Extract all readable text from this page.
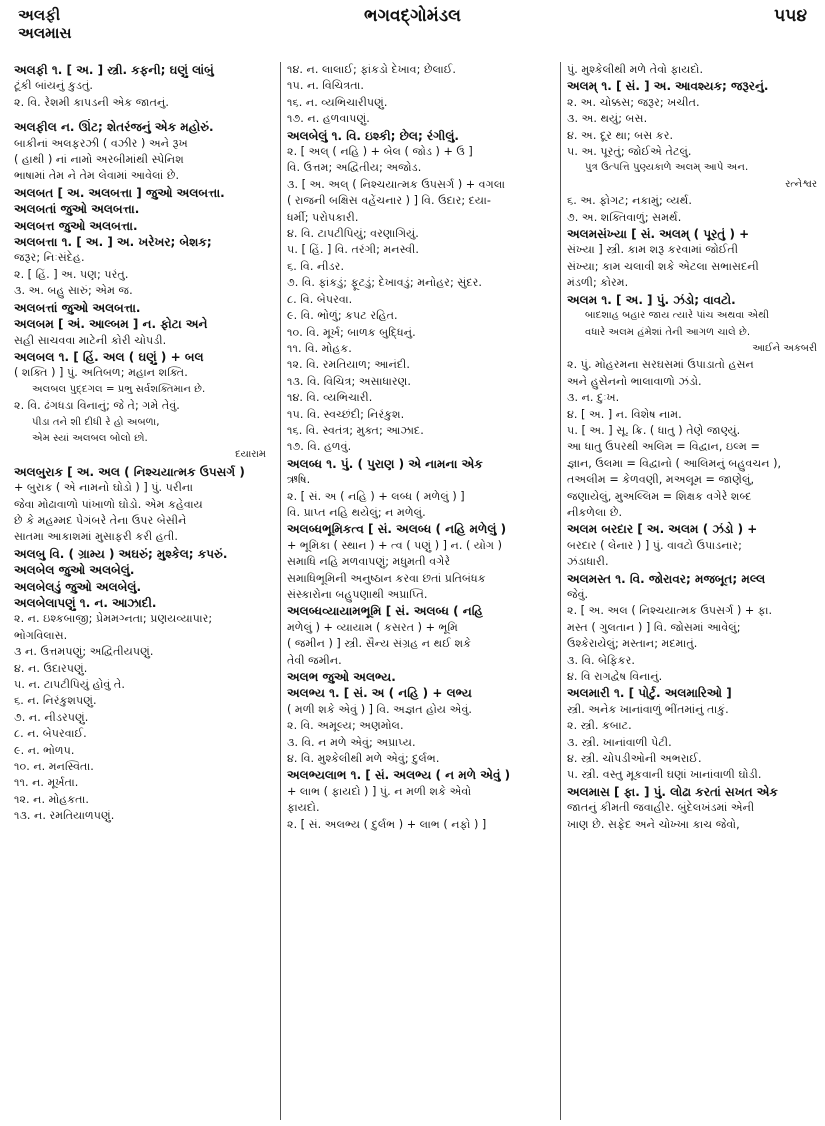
અલફી
અલમાસ
ભગવદ્ગોમંડલ	૫૫૪
અલફી ૧. [ અ. ] સ્ત્રી. કફની; ઘણું લાંબું
ટૂંકી બાંયનું કુડતું.
૨. વિ. રેશમી કાપડની એક જાતનું.
અલફીલ ન. ઊંટ; શેતરંજનું એક મહોરું.
બાકીનાં અલફરઝી ( વઝીર ) અને રૂખ
( હાથી ) નાં નામો અરબીમાંથી સ્પેનિશ
ભાષામાં તેમ ને તેમ લેવામાં આવેલાં છે.
અલબત [ અ. અલબત્તા ] જુઓ અલબત્તા.
અલબતાં જુઓ અલબત્તા.
અલબત્ત જુઓ અલબત્તા.
અલબત્તા ૧. [ અ. ] અ. ખરેખર; બેશક;
જરૂર; નિઃસંદેહ.
૨. [ હિં. ] અ. પણ; પરંતુ.
૩. અ. બહુ સારું; એમ જ.
અલબત્તાં જુઓ અલબત્તા.
અલબમ [ અં. આલ્બમ ] ન. ફોટા અને
સહી સાચવવા માટેની કોરી ચોપડી.
અલબલ ૧. [ હિં. અલ ( ઘણું ) + બલ
( શક્તિ ) ] પું. અતિબળ; મહાન શક્તિ.
અલબલ પુદ્દગલ = પ્રભુ સર્વશક્તિમાન છે.
૨. વિ. ઢંગધડા વિનાનું; જે તે; ગમે તેવું.
પીડા તને શી દીધી રે હો અબળા,
એમ સ્યાં અલબલ બોલો છો.
દયારામ
અલબુરાક [ અ. અલ ( નિશ્ચયાત્મક ઉપસર્ગ )
+ બુરાક ( એ નામનો ઘોડો ) ] પું. પરીના
જેવા મોઢાવાળો પાંખાળો ઘોડો. એમ કહેવાય
છે કે મહમ્મદ પેગંબરે તેના ઉપર બેસીને
સાતમા આકાશમાં મુસાફરી કરી હતી.
અલબુ વિ. ( ગ્રામ્ય ) અઘરું; મુશ્કેલ; કપરું.
અલબેલ જુઓ અલબેલું.
અલબેલડું જુઓ અલબેલું.
અલબેલાપણું ૧. ન. આઝાદી.
૨. ન. ઇશ્કબાજી; પ્રેમમગ્નતા; પ્રણયવ્યાપાર;
ભોગવિલાસ.
૩ ન. ઉત્તમપણું; અદ્વિતીયપણું.
૪. ન. ઉદારપણું.
૫. ન. ટાપટીપિયું હોવું તે.
૬. ન. નિરંકુશપણું.
૭. ન. નીડરપણું.
૮. ન. બેપરવાઈ.
૯. ન. ભોળપ.
૧૦. ન. મનસ્વિતા.
૧૧. ન. મૂર્ખતા.
૧૨. ન. મોહકતા.
૧૩. ન. રમતિયાળપણું.
૧૪. ન. લાલાઈ; ફાંકડો દેખાવ; છેલાઈ.
૧૫. ન. વિચિત્રતા.
૧૬. ન. વ્યભિચારીપણું.
૧૭. ન. હળવાપણું.
અલબેલું ૧. વિ. ઇશ્કી; છેલ; રંગીલું.
૨. [ અલ્ ( નહિ ) + બેલ ( જોડ ) + ઉ ]
વિ. ઉત્તમ; અદ્વિતીય; અજોડ.
૩. [ અ. અલ્ ( નિશ્ચયાત્મક ઉપસર્ગ ) + વગલા
( રાજની બક્ષિસ વહેંચનાર ) ] વિ. ઉદાર; દયા-
ધર્મી; પરોપકારી.
૪. વિ. ટાપટીપિયું; વરણાગિયું.
૫. [ હિં. ] વિ. તરંગી; મનસ્વી.
૬. વિ. નીડર.
૭. વિ. ફાંકડું; ફૂટડું; દેખાવડું; મનોહર; સુંદર.
૮. વિ. બેપરવા.
૯. વિ. ભોળું; કપટ રહિત.
૧૦. વિ. મૂર્ખ; બાળક બુદ્ધિનું.
૧૧. વિ. મોહક.
૧૨. વિ. રમતિયાળ; આનંદી.
૧૩. વિ. વિચિત્ર; અસાધારણ.
૧૪. વિ. વ્યભિચારી.
૧૫. વિ. સ્વચ્છંદી; નિરંકુશ.
૧૬. વિ. સ્વતંત્ર; મુક્ત; આઝાદ.
૧૭. વિ. હળવું.
અલબ્ધ ૧. પું. ( પુરાણ ) એ નામના એક
ઋષિ.
૨. [ સં. અ ( નહિ ) + લબ્ધ ( મળેલું ) ]
વિ. પ્રાપ્ત નહિ થયેલું; ન મળેલું.
અલબ્ધભૂમિકત્વ [ સં. અલબ્ધ ( નહિ મળેલું )
+ ભૂમિકા ( સ્થાન ) + ત્વ ( પણું ) ] ન. ( યોગ )
સમાધિ નહિ મળવાપણું; મધુમતી વગેરે
સમાધિભૂમિની અનુષ્ઠાન કરવા છતાં પ્રતિબંધક
સંસ્કારોના બહુપણાથી અપ્રાપ્તિ.
અલબ્ધવ્યાયામભૂમિ [ સં. અલબ્ધ ( નહિ
મળેલું ) + વ્યાયામ ( કસરત ) + ભૂમિ
( જમીન ) ] સ્ત્રી. સૈન્ય સંગ્રહ ન થઈ શકે
તેવી જમીન.
અલભ જુઓ અલભ્ય.
અલભ્ય ૧. [ સં. અ ( નહિ ) + લભ્ય
( મળી શકે એવું ) ] વિ. અજ્ઞત હોય એવું.
૨. વિ. અમૂલ્ય; અણમોલ.
૩. વિ. ન મળે એવું; અપ્રાપ્ય.
૪. વિ. મુશ્કેલીથી મળે એવું; દુર્લભ.
અલભ્યલાભ ૧. [ સં. અલભ્ય ( ન મળે એવું )
+ લાભ ( ફાયદો ) ] પું. ન મળી શકે એવો
ફાયદો.
૨. [ સં. અલભ્ય ( દુર્લભ ) + લાભ ( નફો ) ]
પું. મુશ્કેલીથી મળે તેવો ફાયદો.
અલમ્ ૧. [ સં. ] અ. આવશ્યક; જરૂરનું.
૨. અ. ચોક્કસ; જરૂર; ખચીત.
૩. અ. થયું; બસ.
૪. અ. દૂર થા; બસ કર.
૫. અ. પૂરતું; જોઈએ તેટલું.
પુત્ર ઉત્પત્તિ પુણ્યકાળે અલમ્ આપે અન.
રત્નેશ્વર
૬. અ. ફોગટ; નકામું; વ્યર્થ.
૭. અ. શક્તિવાળું; સમર્થ.
અલમસંખ્યા [ સં. અલમ્ ( પૂરતું ) +
સંખ્યા ] સ્ત્રી. કામ શરૂ કરવામાં જોઈતી
સંખ્યા; કામ ચલાવી શકે એટલા સભાસદની
મંડળી; કોરમ.
અલમ ૧. [ અ. ] પું. ઝંડો; વાવટો.
બાદશાહ બહાર જાય ત્યારે પાંચ અથવા એથી
વધારે અલમ હંમેશાં તેની આગળ ચાલે છે.
આઈને અકબરી
૨. પું. મોહરમના સરઘસમાં ઉપાડાતો હસન
અને હુસેનનો ભાલાવાળો ઝંડો.
૩. ન. દુઃખ.
૪. [ અ. ] ન. વિશેષ નામ.
૫. [ અ. ] સૂ. ક્રિ. ( ધાતુ ) તેણે જાણ્યું.
આ ધાતુ ઉપરથી અલિમ = વિદ્વાન, ઇલ્મ =
જ્ઞાન, ઉલમા = વિદ્વાનો ( આલિમનું બહુવચન ),
તઅલીમ = કેળવણી, મઅલૂમ = જાણેલું,
જણાયેલું, મુઅલ્લિમ = શિક્ષક વગેરે શબ્દ
નીકળેલા છે.
અલમ બરદાર [ અ. અલમ ( ઝંડો ) +
બરદાર ( લેનાર ) ] પું. વાવટો ઉપાડનાર;
ઝંડાધારી.
અલમસ્ત ૧. વિ. જોરાવર; મજબૂત; મલ્લ
જેવું.
૨. [ અ. અલ ( નિશ્ચયાત્મક ઉપસર્ગ ) + ફા.
મસ્ત ( ગુલતાન ) ] વિ. જોસમાં આવેલું;
ઉશ્કેરાયેલું; મસ્તાન; મદમાતું.
૩. વિ. બેફિકર.
૪. વિ રાગદ્વેષ વિનાનું.
અલમારી ૧. [ પોર્ટુ. અલમારિઓ ]
સ્ત્રી. અનેક ખાનાંવાળું ભીંતમાંનું તાકું.
૨. સ્ત્રી. કબાટ.
૩. સ્ત્રી. ખાનાંવાળી પેટી.
૪. સ્ત્રી. ચોપડીઓની અભરાઈ.
૫. સ્ત્રી. વસ્તુ મૂકવાની ઘણાં ખાનાંવાળી ઘોડી.
અલમાસ [ ફા. ] પું. લોઢા કરતાં સખત એક
જાતનું કીમતી જવાહીર. બુંદેલખંડમાં એની
ખાણ છે. સફેદ અને ચોખ્ખા કાચ જેવો,
